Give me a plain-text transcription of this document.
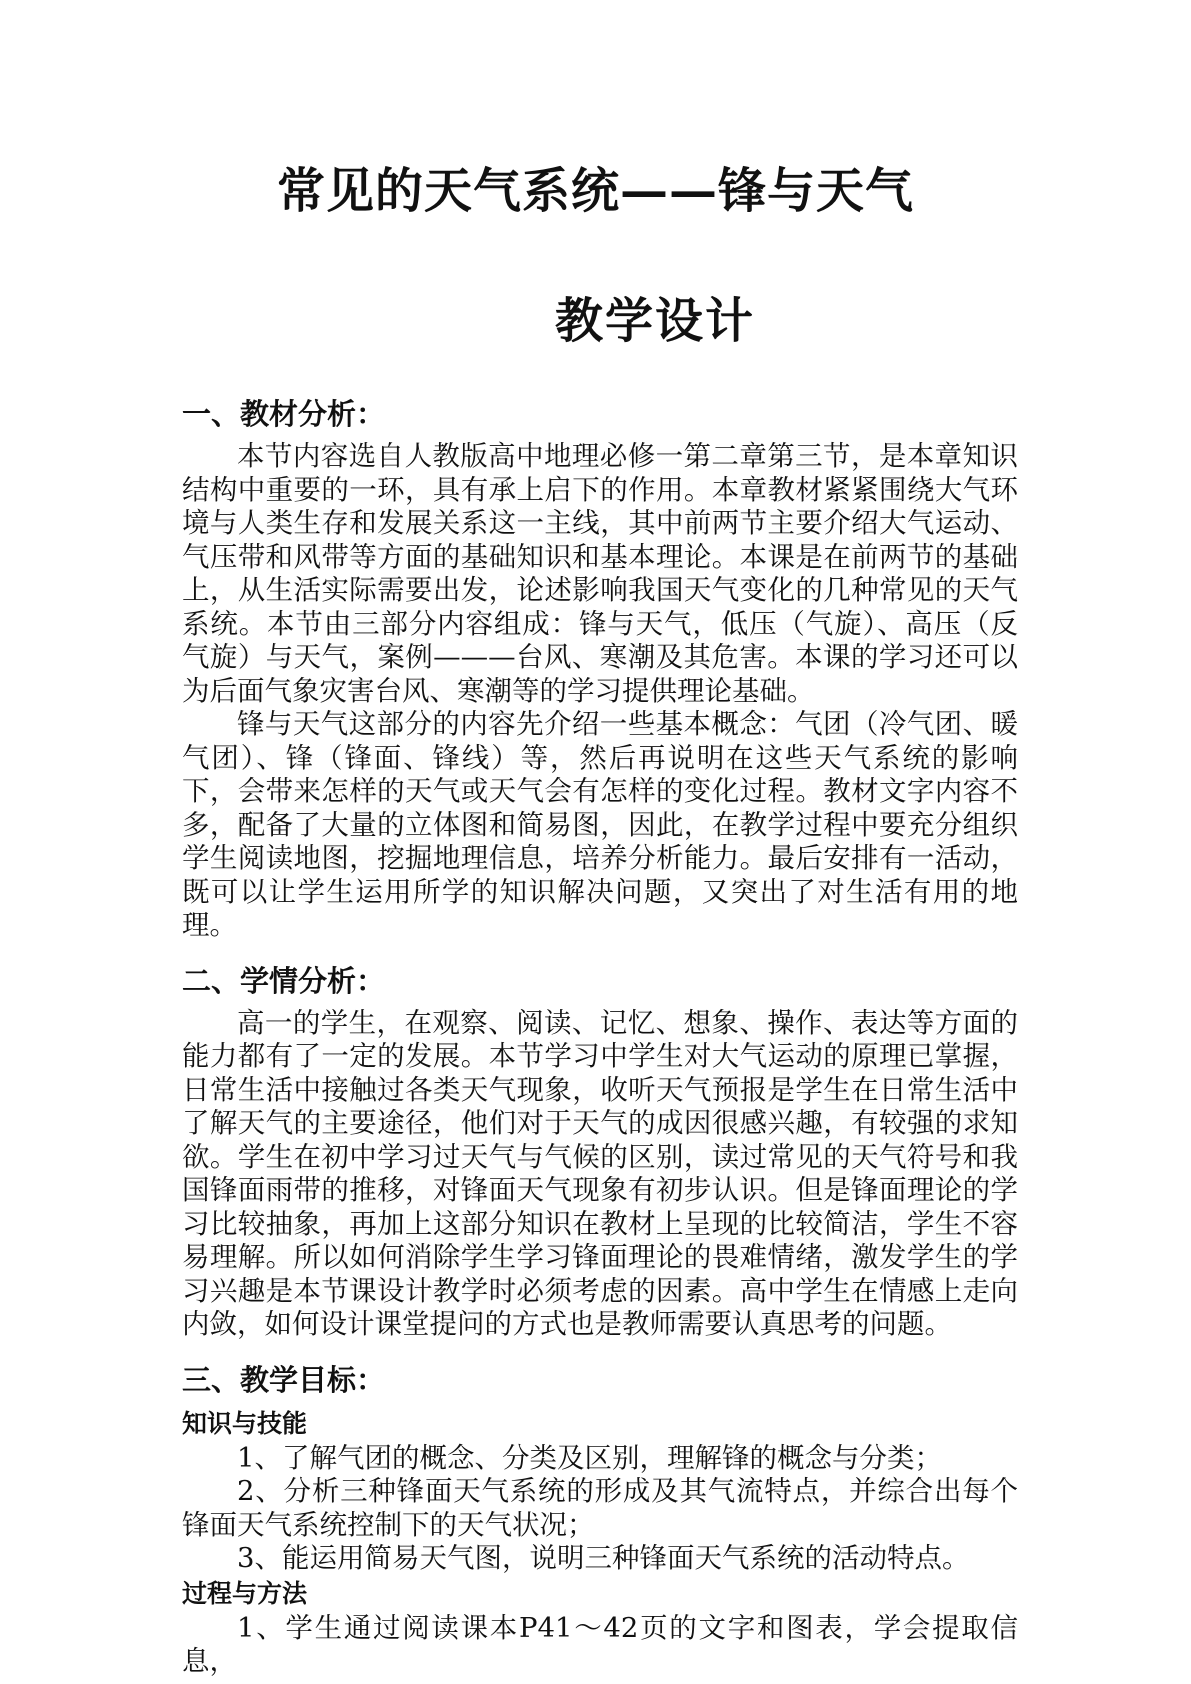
常见的天气系统——锋与天气
教学设计
一、教材分析：

本节内容选自人教版高中地理必修一第二章第三节，是本章知识结构中重要的一环，具有承上启下的作用。本章教材紧紧围绕大气环境与人类生存和发展关系这一主线，其中前两节主要介绍大气运动、气压带和风带等方面的基础知识和基本理论。本课是在前两节的基础上，从生活实际需要出发，论述影响我国天气变化的几种常见的天气系统。本节由三部分内容组成：锋与天气，低压（气旋）、高压（反气旋）与天气，案例———台风、寒潮及其危害。本课的学习还可以为后面气象灾害台风、寒潮等的学习提供理论基础。

锋与天气这部分的内容先介绍一些基本概念：气团（冷气团、暖气团）、锋（锋面、锋线）等，然后再说明在这些天气系统的影响下，会带来怎样的天气或天气会有怎样的变化过程。教材文字内容不多，配备了大量的立体图和简易图，因此，在教学过程中要充分组织学生阅读地图，挖掘地理信息，培养分析能力。最后安排有一活动，既可以让学生运用所学的知识解决问题，又突出了对生活有用的地理。

二、学情分析：

高一的学生，在观察、阅读、记忆、想象、操作、表达等方面的能力都有了一定的发展。本节学习中学生对大气运动的原理已掌握，日常生活中接触过各类天气现象，收听天气预报是学生在日常生活中了解天气的主要途径，他们对于天气的成因很感兴趣，有较强的求知欲。学生在初中学习过天气与气候的区别，读过常见的天气符号和我国锋面雨带的推移，对锋面天气现象有初步认识。但是锋面理论的学习比较抽象，再加上这部分知识在教材上呈现的比较简洁，学生不容易理解。所以如何消除学生学习锋面理论的畏难情绪，激发学生的学习兴趣是本节课设计教学时必须考虑的因素。高中学生在情感上走向内敛，如何设计课堂提问的方式也是教师需要认真思考的问题。

三、教学目标：
知识与技能

1、了解气团的概念、分类及区别，理解锋的概念与分类；

2、分析三种锋面天气系统的形成及其气流特点，并综合出每个锋面天气系统控制下的天气状况；

3、能运用简易天气图，说明三种锋面天气系统的活动特点。

过程与方法

1、学生通过阅读课本P41～42页的文字和图表，学会提取信息，
